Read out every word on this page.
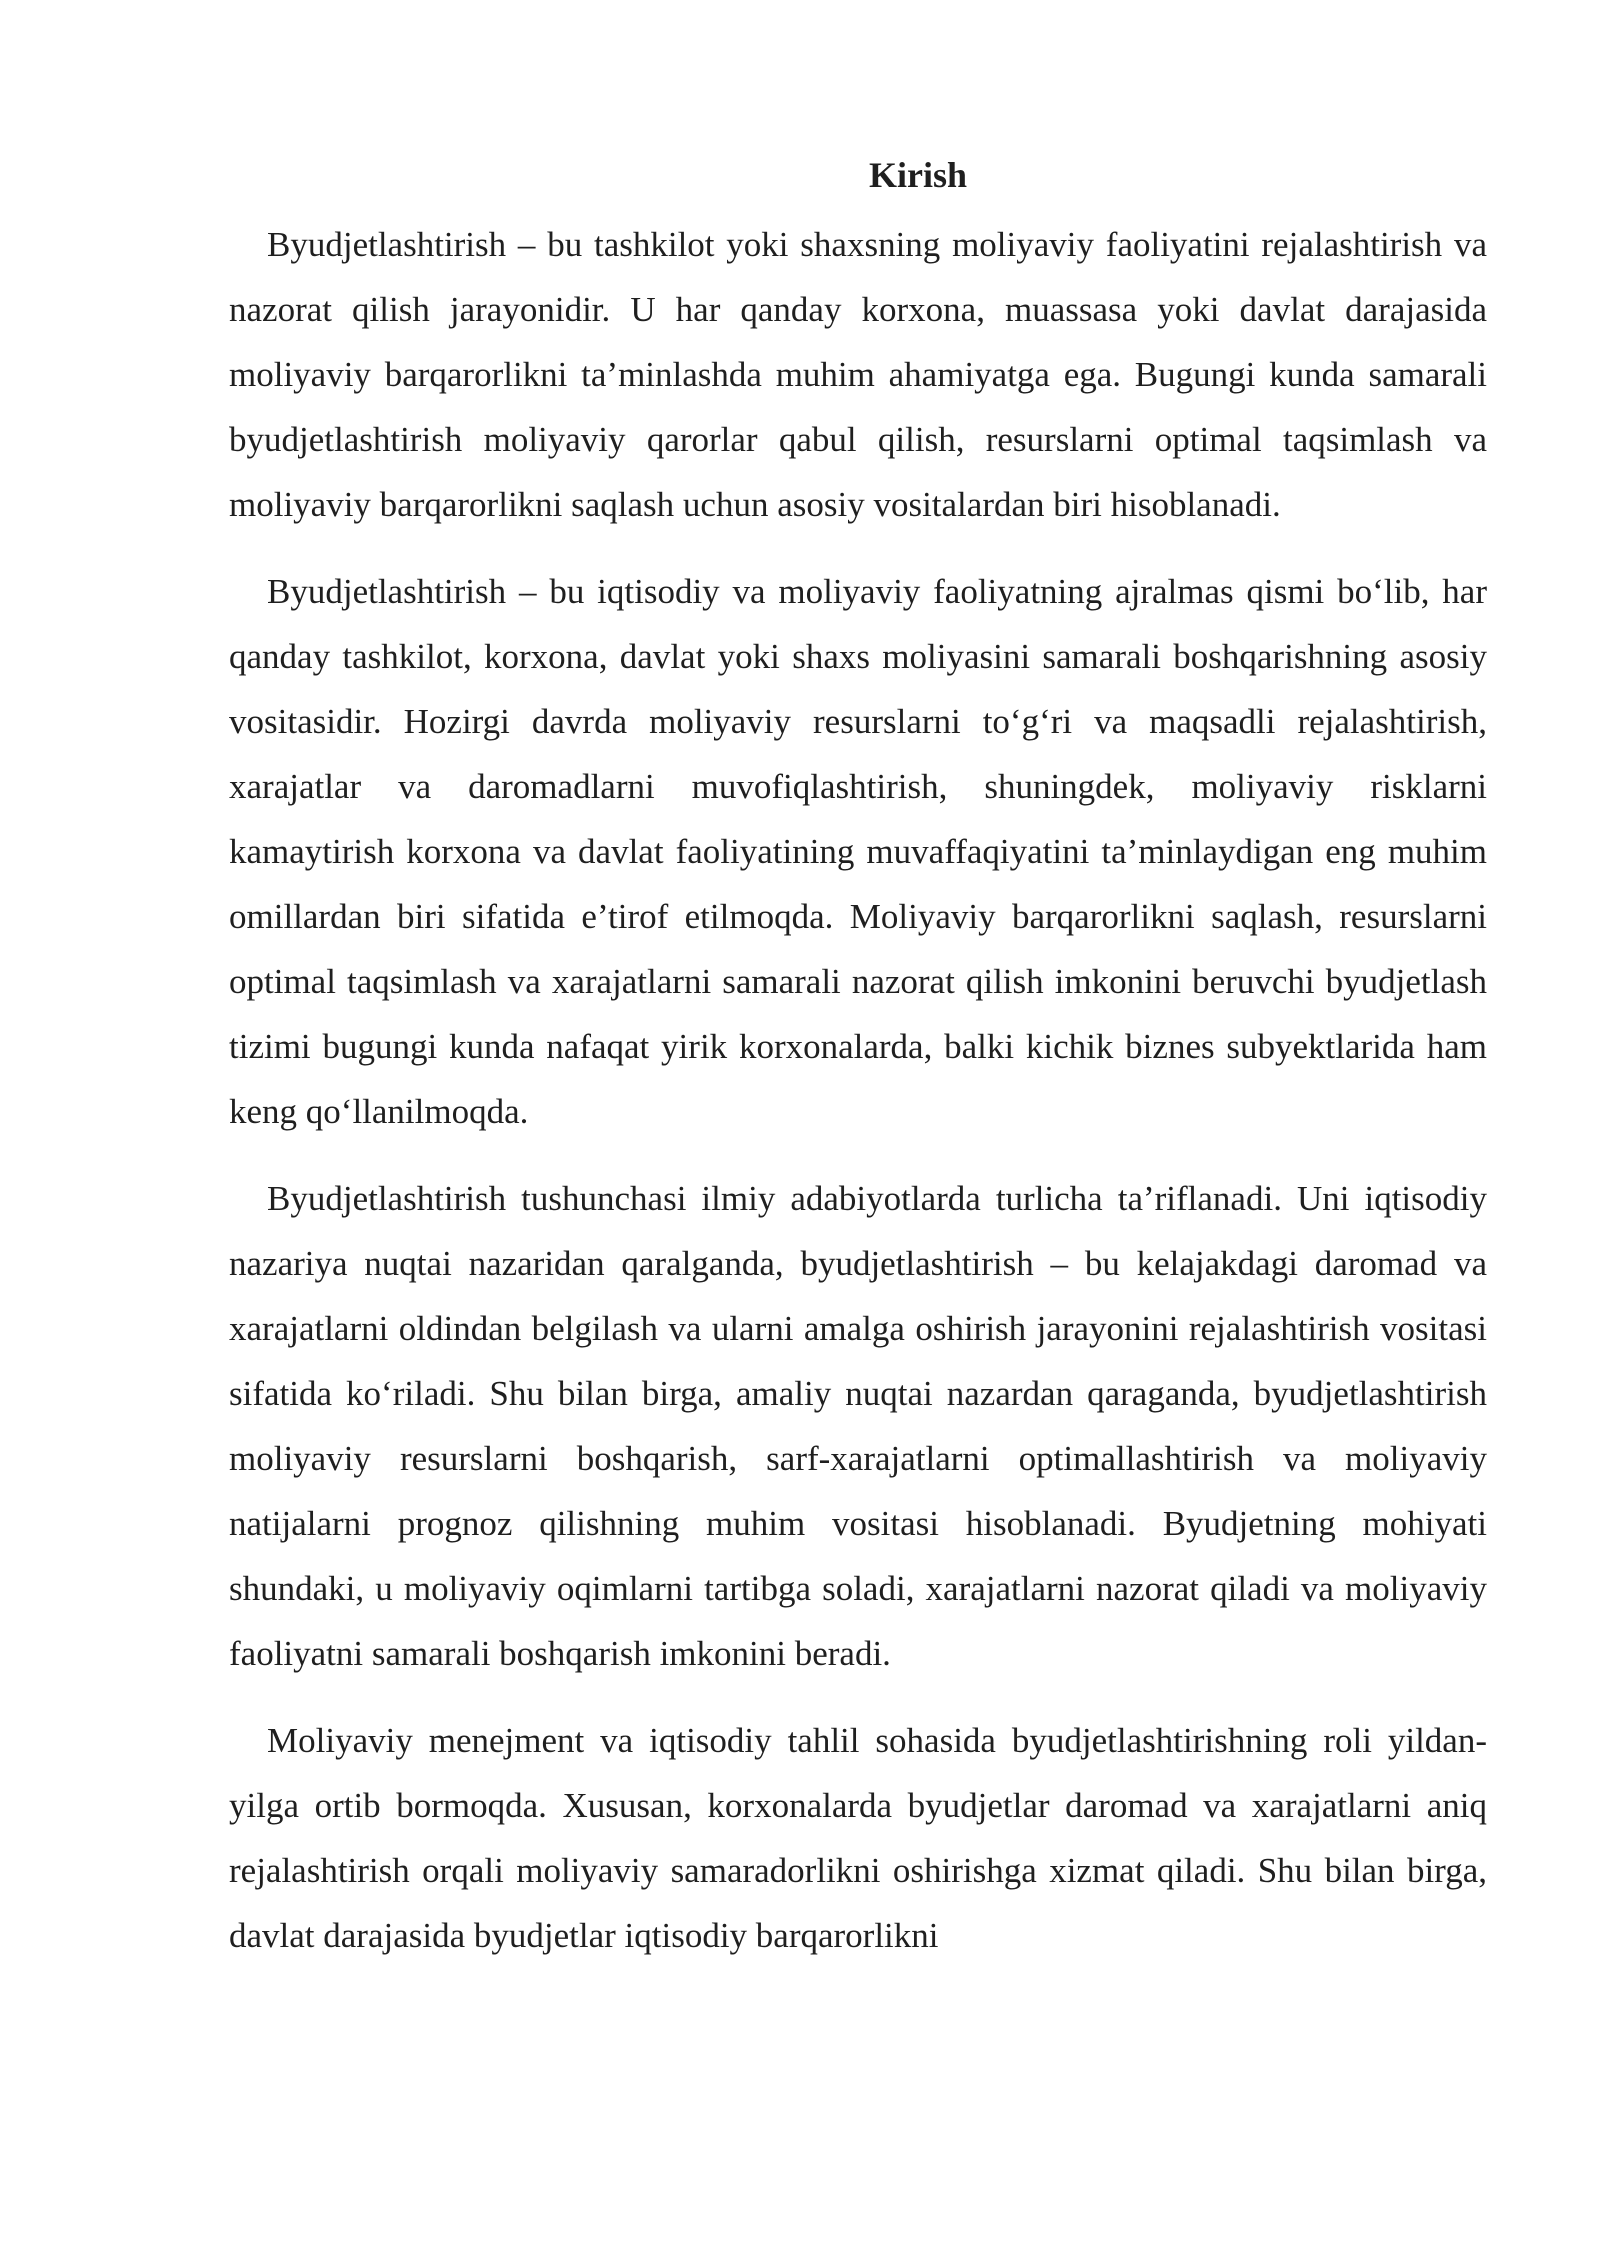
Kirish

Byudjetlashtirish – bu tashkilot yoki shaxsning moliyaviy faoliyatini rejalashtirish va nazorat qilish jarayonidir. U har qanday korxona, muassasa yoki davlat darajasida moliyaviy barqarorlikni ta’minlashda muhim ahamiyatga ega. Bugungi kunda samarali byudjetlashtirish moliyaviy qarorlar qabul qilish, resurslarni optimal taqsimlash va moliyaviy barqarorlikni saqlash uchun asosiy vositalardan biri hisoblanadi.

Byudjetlashtirish – bu iqtisodiy va moliyaviy faoliyatning ajralmas qismi bo‘lib, har qanday tashkilot, korxona, davlat yoki shaxs moliyasini samarali boshqarishning asosiy vositasidir. Hozirgi davrda moliyaviy resurslarni to‘g‘ri va maqsadli rejalashtirish, xarajatlar va daromadlarni muvofiqlashtirish, shuningdek, moliyaviy risklarni kamaytirish korxona va davlat faoliyatining muvaffaqiyatini ta’minlaydigan eng muhim omillardan biri sifatida e’tirof etilmoqda. Moliyaviy barqarorlikni saqlash, resurslarni optimal taqsimlash va xarajatlarni samarali nazorat qilish imkonini beruvchi byudjetlash tizimi bugungi kunda nafaqat yirik korxonalarda, balki kichik biznes subyektlarida ham keng qo‘llanilmoqda.

Byudjetlashtirish tushunchasi ilmiy adabiyotlarda turlicha ta’riflanadi. Uni iqtisodiy nazariya nuqtai nazaridan qaralganda, byudjetlashtirish – bu kelajakdagi daromad va xarajatlarni oldindan belgilash va ularni amalga oshirish jarayonini rejalashtirish vositasi sifatida ko‘riladi. Shu bilan birga, amaliy nuqtai nazardan qaraganda, byudjetlashtirish moliyaviy resurslarni boshqarish, sarf-xarajatlarni optimallashtirish va moliyaviy natijalarni prognoz qilishning muhim vositasi hisoblanadi. Byudjetning mohiyati shundaki, u moliyaviy oqimlarni tartibga soladi, xarajatlarni nazorat qiladi va moliyaviy faoliyatni samarali boshqarish imkonini beradi.

Moliyaviy menejment va iqtisodiy tahlil sohasida byudjetlashtirishning roli yildan-yilga ortib bormoqda. Xususan, korxonalarda byudjetlar daromad va xarajatlarni aniq rejalashtirish orqali moliyaviy samaradorlikni oshirishga xizmat qiladi. Shu bilan birga, davlat darajasida byudjetlar iqtisodiy barqarorlikni
